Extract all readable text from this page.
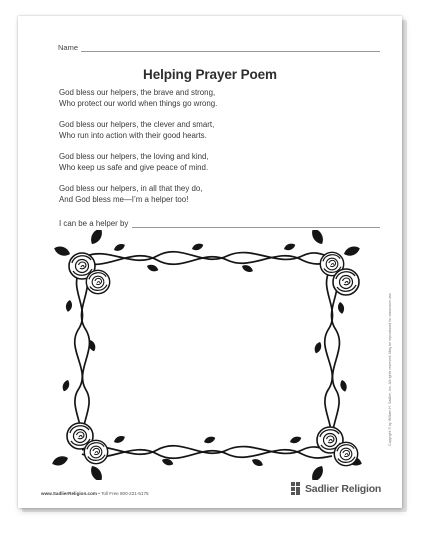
Name
Helping Prayer Poem

God bless our helpers, the brave and strong,

Who protect our world when things go wrong.

God bless our helpers, the clever and smart,

Who run into action with their good hearts.

God bless our helpers, the loving and kind,

Who keep us safe and give peace of mind.

God bless our helpers, in all that they do,

And God bless me—I’m a helper too!

I can be a helper by
www.SadlierReligion.com • Toll Free 800-221-5175	Sadlier Religion
Copyright © by William H. Sadlier, Inc. All rights reserved. May be reproduced for classroom use.
